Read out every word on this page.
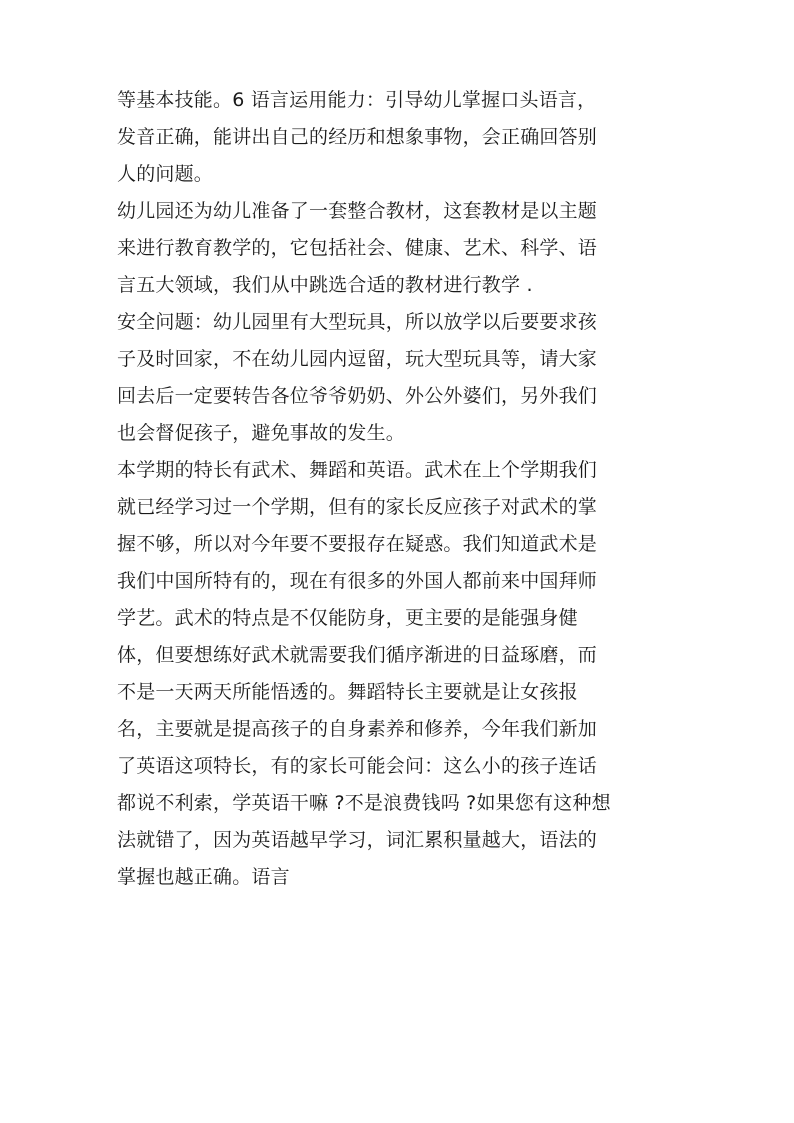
等基本技能。6 语言运用能力：引导幼儿掌握口头语言，
发音正确，能讲出自己的经历和想象事物，会正确回答别
人的问题。
幼儿园还为幼儿准备了一套整合教材，这套教材是以主题
来进行教育教学的，它包括社会、健康、艺术、科学、语
言五大领域，我们从中跳选合适的教材进行教学 .
安全问题：幼儿园里有大型玩具，所以放学以后要要求孩
子及时回家，不在幼儿园内逗留，玩大型玩具等，请大家
回去后一定要转告各位爷爷奶奶、外公外婆们，另外我们
也会督促孩子，避免事故的发生。
本学期的特长有武术、舞蹈和英语。武术在上个学期我们
就已经学习过一个学期，但有的家长反应孩子对武术的掌
握不够，所以对今年要不要报存在疑惑。我们知道武术是
我们中国所特有的，现在有很多的外国人都前来中国拜师
学艺。武术的特点是不仅能防身，更主要的是能强身健
体，但要想练好武术就需要我们循序渐进的日益琢磨，而
不是一天两天所能悟透的。舞蹈特长主要就是让女孩报
名，主要就是提高孩子的自身素养和修养，今年我们新加
了英语这项特长，有的家长可能会问：这么小的孩子连话
都说不利索，学英语干嘛 ?不是浪费钱吗 ?如果您有这种想
法就错了，因为英语越早学习，词汇累积量越大，语法的
掌握也越正确。语言
